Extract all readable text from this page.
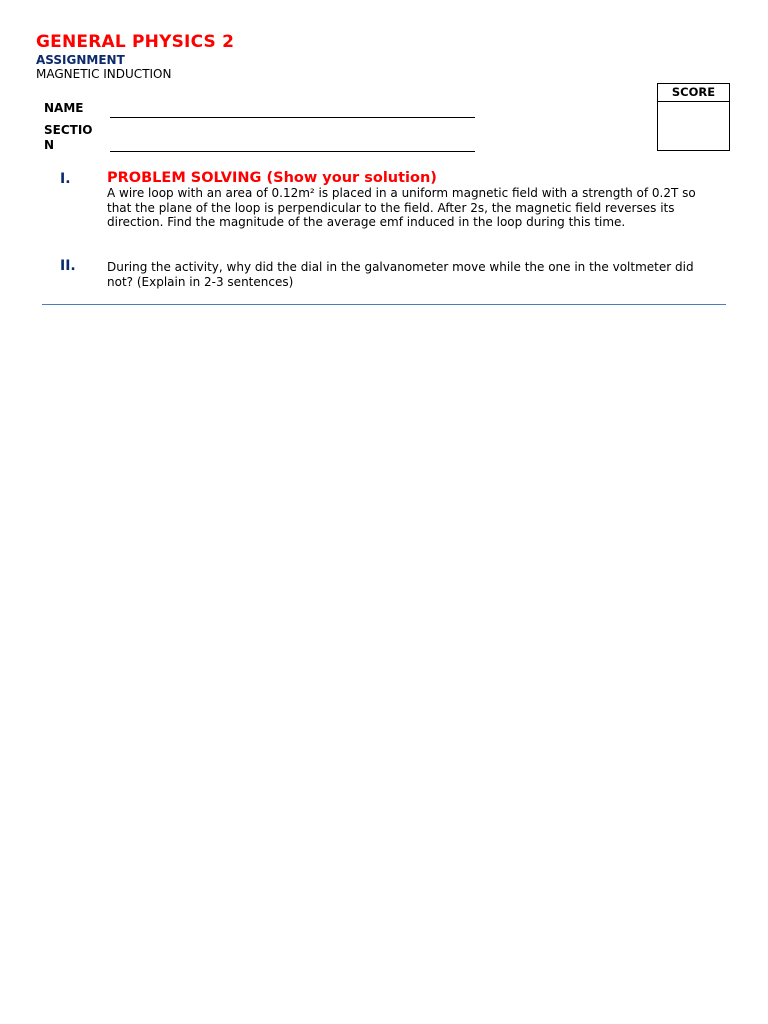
GENERAL PHYSICS 2
ASSIGNMENT
MAGNETIC INDUCTION
NAME
SECTION
SCORE
I.	PROBLEM SOLVING (Show your solution)
A wire loop with an area of 0.12m² is placed in a uniform magnetic field with a strength of 0.2T so that the plane of the loop is perpendicular to the field. After 2s, the magnetic field reverses its direction. Find the magnitude of the average emf induced in the loop during this time.
II.	During the activity, why did the dial in the galvanometer move while the one in the voltmeter did not? (Explain in 2-3 sentences)
